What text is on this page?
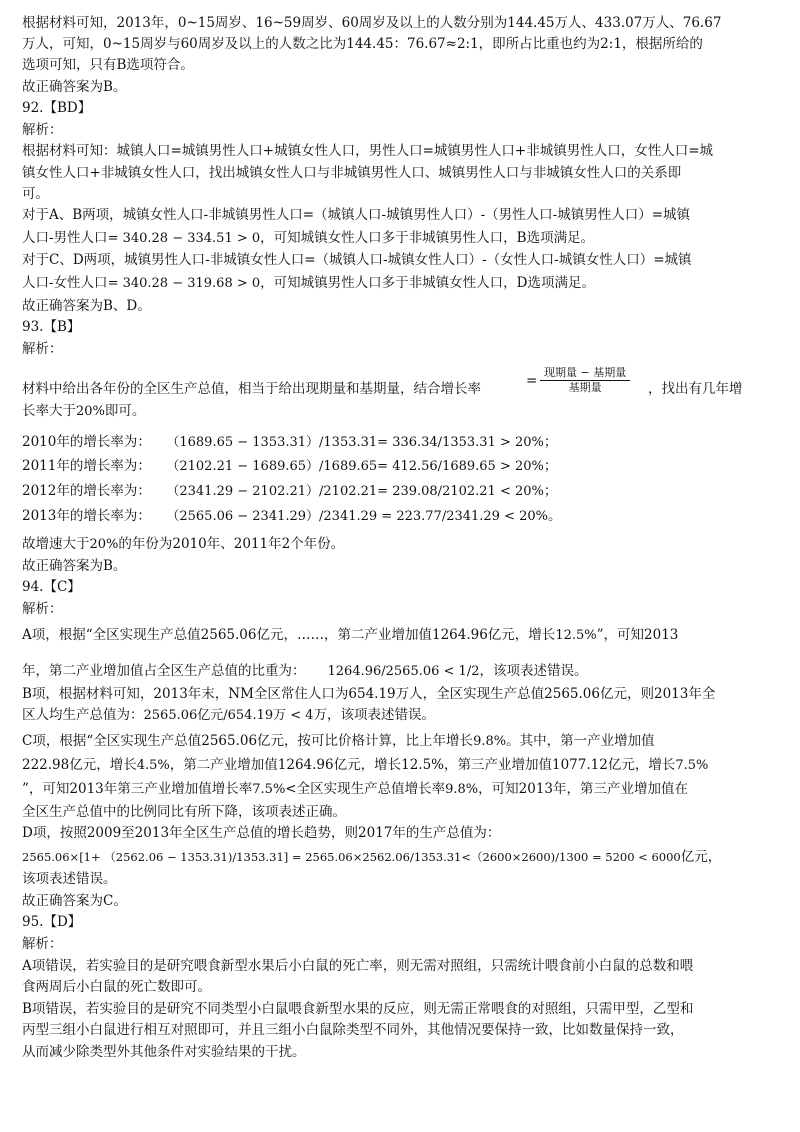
根据材料可知，2013年，0~15周岁、16~59周岁、60周岁及以上的人数分别为144.45万人、433.07万人、76.67
万人，可知，0~15周岁与60周岁及以上的人数之比为144.45：76.67≈2:1，即所占比重也约为2:1，根据所给的
选项可知，只有B选项符合。
故正确答案为B。
92.【BD】
解析：
根据材料可知：城镇人口=城镇男性人口+城镇女性人口，男性人口=城镇男性人口+非城镇男性人口，女性人口=城
镇女性人口+非城镇女性人口，找出城镇女性人口与非城镇男性人口、城镇男性人口与非城镇女性人口的关系即
可。
对于A、B两项，城镇女性人口-非城镇男性人口=（城镇人口-城镇男性人口）-（男性人口-城镇男性人口）=城镇
人口-男性人口= 340.28 − 334.51 > 0，可知城镇女性人口多于非城镇男性人口，B选项满足。
对于C、D两项，城镇男性人口-非城镇女性人口=（城镇人口-城镇女性人口）-（女性人口-城镇女性人口）=城镇
人口-女性人口= 340.28 − 319.68 > 0，可知城镇男性人口多于非城镇女性人口，D选项满足。
故正确答案为B、D。
93.【B】
解析：
现期量 − 基期量
基期量
材料中给出各年份的全区生产总值，相当于给出现期量和基期量，结合增长率	=	，找出有几年增
长率大于20%即可。
2010年的增长率为： （1689.65 − 1353.31）/1353.31= 336.34/1353.31 > 20%；
2011年的增长率为： （2102.21 − 1689.65）/1689.65= 412.56/1689.65 > 20%；
2012年的增长率为： （2341.29 − 2102.21）/2102.21= 239.08/2102.21 < 20%；
2013年的增长率为： （2565.06 − 2341.29）/2341.29 = 223.77/2341.29 < 20%。
故增速大于20%的年份为2010年、2011年2个年份。
故正确答案为B。
94.【C】
解析：
A项，根据“全区实现生产总值2565.06亿元，……，第二产业增加值1264.96亿元，增长12.5%”，可知2013
年，第二产业增加值占全区生产总值的比重为： 1264.96/2565.06 < 1/2，该项表述错误。
B项，根据材料可知，2013年末，NM全区常住人口为654.19万人，全区实现生产总值2565.06亿元，则2013年全
区人均生产总值为：2565.06亿元/654.19万 < 4万，该项表述错误。
C项，根据“全区实现生产总值2565.06亿元，按可比价格计算，比上年增长9.8%。其中，第一产业增加值
222.98亿元，增长4.5%，第二产业增加值1264.96亿元，增长12.5%，第三产业增加值1077.12亿元，增长7.5%
”，可知2013年第三产业增加值增长率7.5%<全区实现生产总值增长率9.8%，可知2013年，第三产业增加值在
全区生产总值中的比例同比有所下降，该项表述正确。
D项，按照2009至2013年全区生产总值的增长趋势，则2017年的生产总值为：
2565.06×[1+ （2562.06 − 1353.31)/1353.31] = 2565.06×2562.06/1353.31<（2600×2600)/1300 = 5200 < 6000亿元，
该项表述错误。
故正确答案为C。
95.【D】
解析：
A项错误，若实验目的是研究喂食新型水果后小白鼠的死亡率，则无需对照组，只需统计喂食前小白鼠的总数和喂
食两周后小白鼠的死亡数即可。
B项错误，若实验目的是研究不同类型小白鼠喂食新型水果的反应，则无需正常喂食的对照组，只需甲型，乙型和
丙型三组小白鼠进行相互对照即可，并且三组小白鼠除类型不同外，其他情况要保持一致，比如数量保持一致，
从而减少除类型外其他条件对实验结果的干扰。
